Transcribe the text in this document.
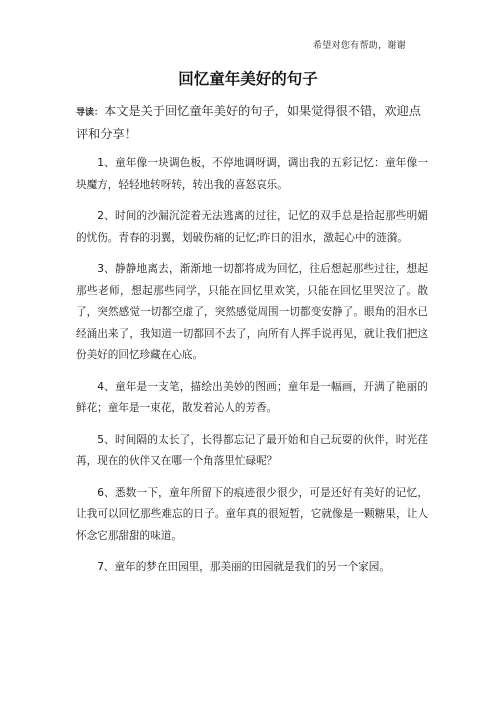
希望对您有帮助，谢谢
回忆童年美好的句子

导读：本文是关于回忆童年美好的句子，如果觉得很不错，欢迎点评和分享！

1、童年像一块调色板，不停地调呀调，调出我的五彩记忆：童年像一块魔方，轻轻地转呀转，转出我的喜怒哀乐。

2、时间的沙漏沉淀着无法逃离的过往，记忆的双手总是拾起那些明媚的忧伤。青春的羽翼，划破伤痛的记忆;昨日的泪水，激起心中的涟漪。

3、静静地离去，渐渐地一切都将成为回忆，往后想起那些过往，想起那些老师，想起那些同学，只能在回忆里欢笑，只能在回忆里哭泣了。散了，突然感觉一切都空虚了，突然感觉周围一切都变安静了。眼角的泪水已经涌出来了，我知道一切都回不去了，向所有人挥手说再见，就让我们把这份美好的回忆珍藏在心底。

4、童年是一支笔，描绘出美妙的图画；童年是一幅画，开满了艳丽的鲜花；童年是一束花，散发着沁人的芳香。

5、时间隔的太长了，长得都忘记了最开始和自己玩耍的伙伴，时光荏苒，现在的伙伴又在哪一个角落里忙碌呢？

6、悉数一下，童年所留下的痕迹很少很少，可是还好有美好的记忆，让我可以回忆那些难忘的日子。童年真的很短暂，它就像是一颗糖果，让人怀念它那甜甜的味道。

7、童年的梦在田园里，那美丽的田园就是我们的另一个家园。
